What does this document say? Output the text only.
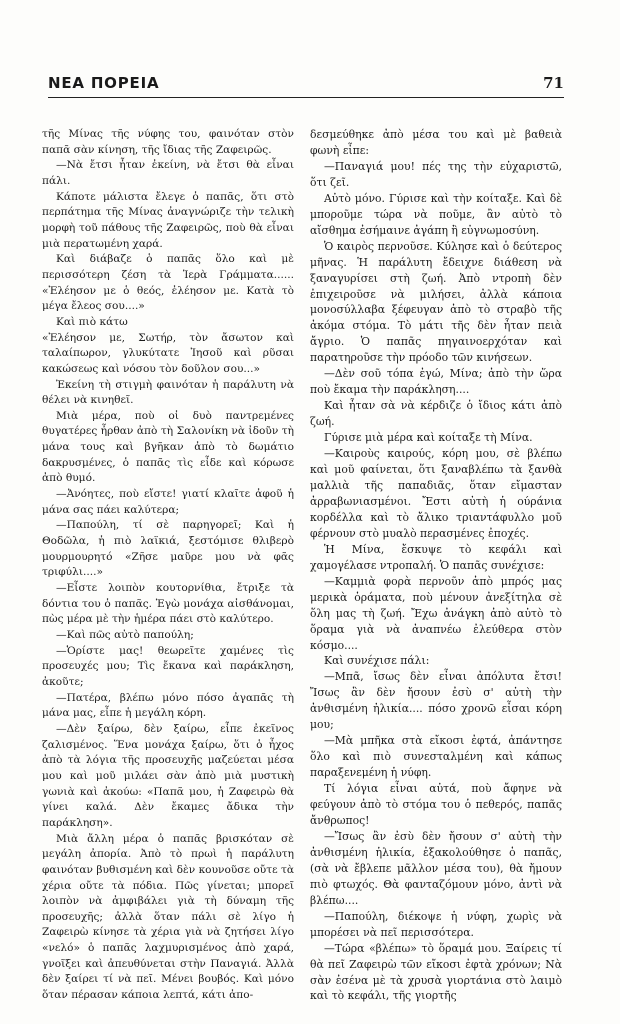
ΝΕΑ ΠΟΡΕΙΑ	71

τῆς Μίνας τῆς νύφης του, φαινόταν στὸν παπᾶ σὰν κίνηση, τῆς ἴδιας τῆς Ζαφειρῶς.

—Νὰ ἔτσι ἦταν ἐκείνη, νὰ ἔτσι θὰ εἶναι πάλι.

Κάποτε μάλιστα ἔλεγε ὁ παπᾶς, ὅτι στὸ περπάτημα τῆς Μίνας ἀναγνώριζε τὴν τελικὴ μορφὴ τοῦ πάθους τῆς Ζαφειρῶς, ποὺ θὰ εἶναι μιὰ περατωμένη χαρά.

Καὶ διάβαζε ὁ παπᾶς ὅλο καὶ μὲ περισσότερη ζέση τὰ Ἱερὰ Γράμματα...... «Ἐλέησον με ὁ θεός, ἐλέησον με. Κατὰ τὸ μέγα ἔλεος σου....»

Καὶ πιὸ κάτω

«Ἐλέησον με, Σωτήρ, τὸν ἄσωτον καὶ ταλαίπωρον, γλυκύτατε Ἰησοῦ καὶ ρῦσαι κακώσεως καὶ νόσου τὸν δοῦλον σου...»

Ἐκείνη τὴ στιγμὴ φαινόταν ἡ παράλυτη νὰ θέλει νὰ κινηθεῖ.

Μιὰ μέρα, ποὺ οἱ δυὸ παντρεμένες θυγατέρες ἦρθαν ἀπὸ τὴ Σαλονίκη νὰ ἰδοῦν τὴ μάνα τους καὶ βγῆκαν ἀπὸ τὸ δωμάτιο δακρυσμένες, ὁ παπᾶς τὶς εἶδε καὶ κόρωσε ἀπὸ θυμό.

—Ἀνόητες, ποὺ εἴστε! γιατί κλαῖτε ἀφοῦ ἡ μάνα σας πάει καλύτερα;

—Παπούλη, τί σὲ παρηγορεῖ; Καὶ ἡ Θοδῶλα, ἡ πιὸ λαϊκιά, ξεστόμισε θλιβερὸ μουρμουρητό «Ζῆσε μαῦρε μου νὰ φᾶς τριφύλι....»

—Εἶστε λοιπὸν κουτορνίθια, ἔτριξε τὰ δόντια του ὁ παπᾶς. Ἐγὼ μονάχα αἰσθάνομαι, πὼς μέρα μὲ τὴν ἡμέρα πάει στὸ καλύτερο.

—Καὶ πῶς αὐτὸ παπούλη;

—Ὁρίστε μας! θεωρεῖτε χαμένες τὶς προσευχές μου; Τὶς ἔκανα καὶ παράκληση, ἀκοῦτε;

—Πατέρα, βλέπω μόνο πόσο ἀγαπᾶς τὴ μάνα μας, εἶπε ἡ μεγάλη κόρη.

—Δὲν ξαίρω, δὲν ξαίρω, εἶπε ἐκεῖνος ζαλισμένος. Ἕνα μονάχα ξαίρω, ὅτι ὁ ἦχος ἀπὸ τὰ λόγια τῆς προσευχῆς μαζεύεται μέσα μου καὶ μοῦ μιλάει σὰν ἀπὸ μιὰ μυστικὴ γωνιὰ καὶ ἀκούω: «Παπᾶ μου, ἡ Ζαφειρὼ θὰ γίνει καλά. Δὲν ἔκαμες ἄδικα τὴν παράκληση».

Μιὰ ἄλλη μέρα ὁ παπᾶς βρισκόταν σὲ μεγάλη ἀπορία. Ἀπὸ τὸ πρωὶ ἡ παράλυτη φαινόταν βυθισμένη καὶ δὲν κουνοῦσε οὔτε τὰ χέρια οὔτε τὰ πόδια. Πῶς γίνεται; μπορεῖ λοιπὸν νὰ ἀμφιβάλει γιὰ τὴ δύναμη τῆς προσευχῆς; ἀλλὰ ὅταν πάλι σὲ λίγο ἡ Ζαφειρὼ κίνησε τὰ χέρια γιὰ νὰ ζητήσει λίγο «νελό» ὁ παπᾶς λαχμυρισμένος ἀπὸ χαρά, γνοῖξει καὶ ἀπευθύνεται στὴν Παναγιά. Ἀλλὰ δὲν ξαίρει τί νὰ πεῖ. Μένει βουβός. Καὶ μόνο ὅταν πέρασαν κάποια λεπτά, κάτι ἀπο-

δεσμεύθηκε ἀπὸ μέσα του καὶ μὲ βαθειὰ φωνὴ εἶπε:

—Παναγιά μου! πές της τὴν εὐχαριστῶ, ὅτι ζεῖ.

Αὐτὸ μόνο. Γύρισε καὶ τὴν κοίταξε. Καὶ δὲ μποροῦμε τώρα νὰ ποῦμε, ἂν αὐτὸ τὸ αἴσθημα ἐσήμαινε ἀγάπη ἢ εὐγνωμοσύνη.

Ὁ καιρὸς περνοῦσε. Κύλησε καὶ ὁ δεύτερος μῆνας. Ἡ παράλυτη ἔδειχνε διάθεση νὰ ξαναγυρίσει στὴ ζωή. Ἀπὸ ντροπὴ δὲν ἐπιχειροῦσε νὰ μιλήσει, ἀλλὰ κάποια μονοσύλλαβα ξέφευγαν ἀπὸ τὸ στραβὸ τῆς ἀκόμα στόμα. Τὸ μάτι τῆς δὲν ἦταν πειὰ ἄγριο. Ὁ παπᾶς πηγαινοερχόταν καὶ παρατηροῦσε τὴν πρόοδο τῶν κινήσεων.

—Δὲν σοῦ τόπα ἐγώ, Μίνα; ἀπὸ τὴν ὥρα ποὺ ἔκαμα τὴν παράκληση....

Καὶ ἦταν σὰ νὰ κέρδιζε ὁ ἴδιος κάτι ἀπὸ ζωή.

Γύρισε μιὰ μέρα καὶ κοίταξε τὴ Μίνα.

—Καιροὺς καιρούς, κόρη μου, σὲ βλέπω καὶ μοῦ φαίνεται, ὅτι ξαναβλέπω τὰ ξανθὰ μαλλιὰ τῆς παπαδιᾶς, ὅταν εἴμασταν ἀρραβωνιασμένοι. Ἔστι αὐτὴ ἡ ούράνια κορδέλλα καὶ τὸ ἄλικο τριαντάφυλλο μοῦ φέρνουν στὸ μυαλὸ περασμένες ἐποχές.

Ἡ Μίνα, ἔσκυψε τὸ κεφάλι καὶ χαμογέλασε ντροπαλή. Ὁ παπᾶς συνέχισε:

—Καμμιὰ φορὰ περνοῦν ἀπὸ μπρός μας μερικὰ ὁράματα, ποὺ μένουν ἀνεξίτηλα σὲ ὅλη μας τὴ ζωή. Ἔχω ἀνάγκη ἀπὸ αὐτὸ τὸ ὅραμα γιὰ νὰ ἀναπνέω ἐλεύθερα στὸν κόσμο....

Καὶ συνέχισε πάλι:

—Μπᾶ, ἴσως δὲν εἶναι ἀπόλυτα ἔτσι! Ἴσως ἂν δὲν ἤσουν ἐσὺ σ' αὐτὴ τὴν ἀνθισμένη ἡλικία.... πόσο χρονῶ εἶσαι κόρη μου;

—Μὰ μπῆκα στὰ εἴκοσι ἐφτά, ἀπάντησε ὅλο καὶ πιὸ συνεσταλμένη καὶ κάπως παραξενεμένη ἡ νύφη.

Τί λόγια εἶναι αὐτά, ποὺ ἄφηνε νὰ φεύγουν ἀπὸ τὸ στόμα του ὁ πεθερός, παπᾶς ἄνθρωπος!

—Ἴσως ἂν ἐσὺ δὲν ἤσουν σ' αὐτὴ τὴν ἀνθισμένη ἡλικία, ἐξακολούθησε ὁ παπᾶς, (σὰ νὰ ἔβλεπε μᾶλλον μέσα του), θὰ ἤμουν πιὸ φτωχός. Θὰ φανταζόμουν μόνο, ἀντὶ νὰ βλέπω....

—Παπούλη, διέκοψε ἡ νύφη, χωρὶς νὰ μπορέσει νὰ πεῖ περισσότερα.

—Τώρα «βλέπω» τὸ ὅραμά μου. Ξαίρεις τί θὰ πεῖ Ζαφειρὼ τῶν εἴκοσι ἐφτὰ χρόνων; Νὰ σὰν ἐσένα μὲ τὰ χρυσὰ γιορτάνια στὸ λαιμὸ καὶ τὸ κεφάλι, τῆς γιορτῆς
